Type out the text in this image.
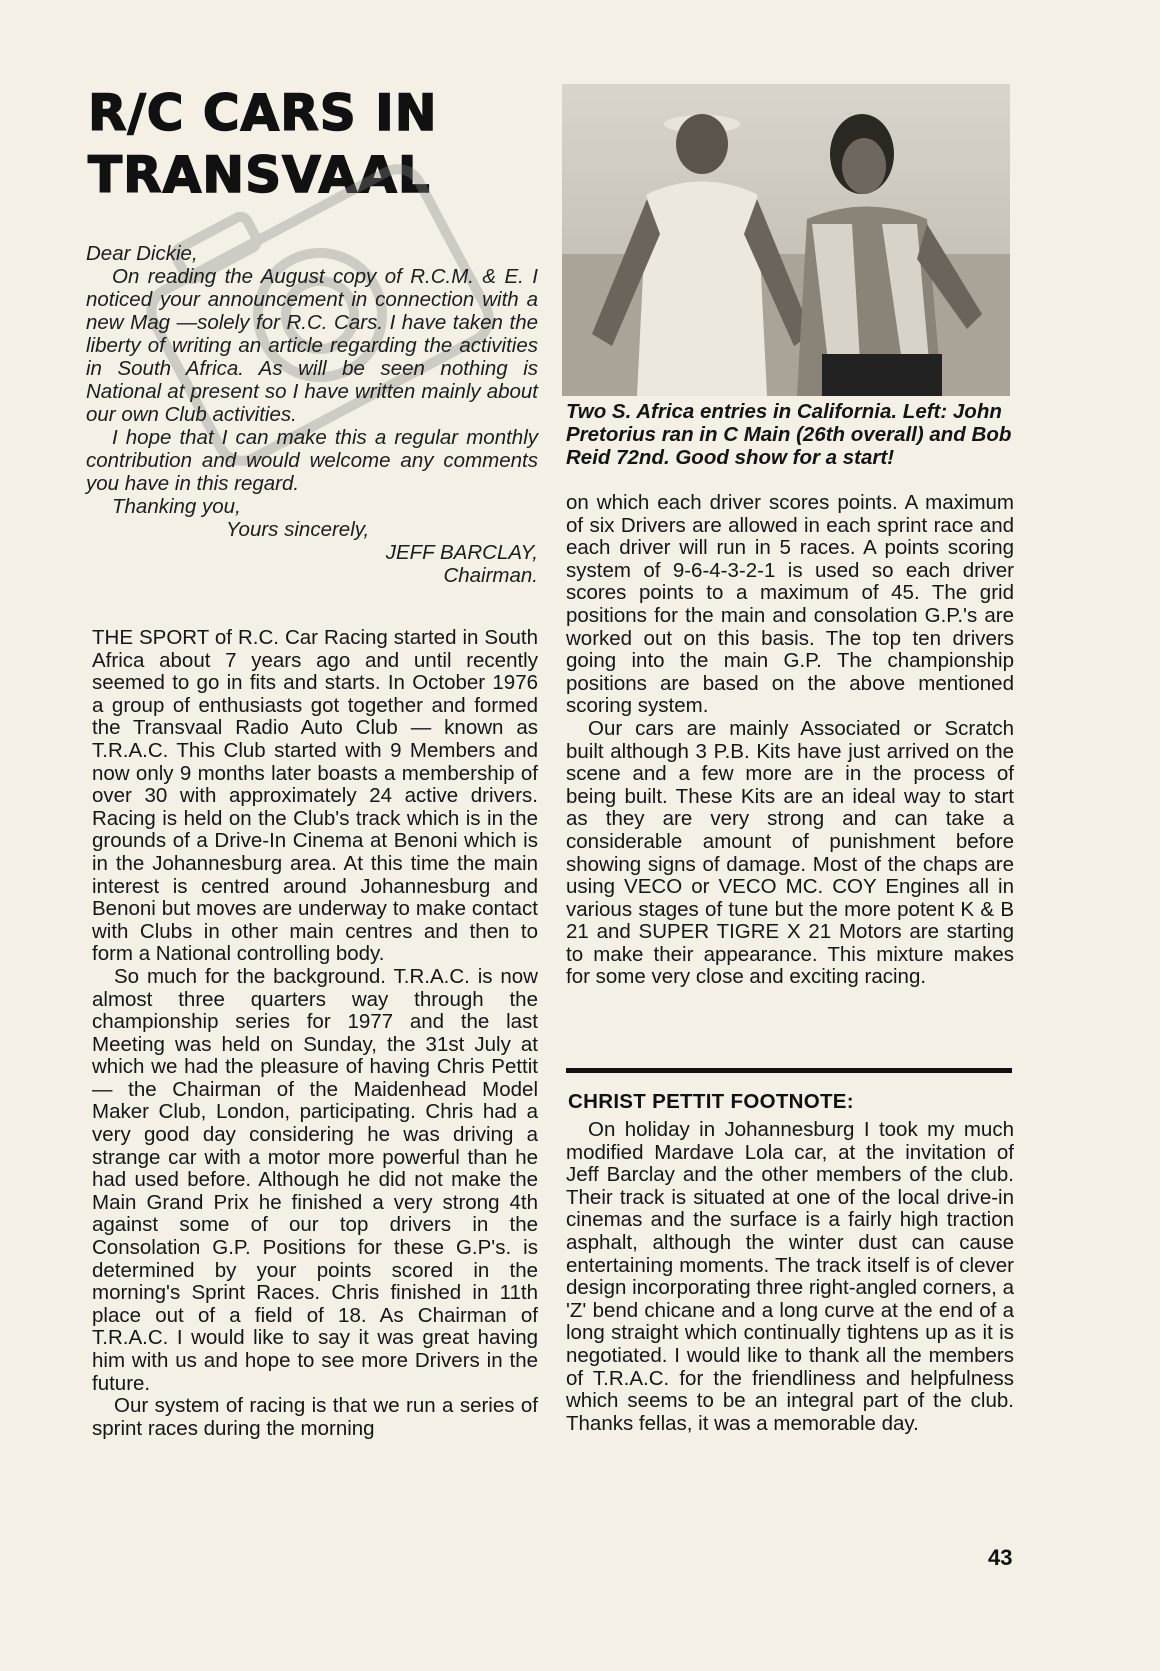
R/C CARS IN
TRANSVAAL

Dear Dickie,

On reading the August copy of R.C.M. & E. I noticed your announcement in connection with a new Mag —solely for R.C. Cars. I have taken the liberty of writing an article regarding the activities in South Africa. As will be seen nothing is National at present so I have written mainly about our own Club activities.

I hope that I can make this a regular monthly contribution and would welcome any comments you have in this regard.

Thanking you,

Yours sincerely,

JEFF BARCLAY,

Chairman.

THE SPORT of R.C. Car Racing started in South Africa about 7 years ago and until recently seemed to go in fits and starts. In October 1976 a group of enthusiasts got together and formed the Transvaal Radio Auto Club — known as T.R.A.C. This Club started with 9 Members and now only 9 months later boasts a membership of over 30 with approximately 24 active drivers. Racing is held on the Club's track which is in the grounds of a Drive-In Cinema at Benoni which is in the Johannesburg area. At this time the main interest is centred around Johannesburg and Benoni but moves are underway to make contact with Clubs in other main centres and then to form a National controlling body.

So much for the background. T.R.A.C. is now almost three quarters way through the championship series for 1977 and the last Meeting was held on Sunday, the 31st July at which we had the pleasure of having Chris Pettit — the Chairman of the Maidenhead Model Maker Club, London, participating. Chris had a very good day considering he was driving a strange car with a motor more powerful than he had used before. Although he did not make the Main Grand Prix he finished a very strong 4th against some of our top drivers in the Consolation G.P. Positions for these G.P's. is determined by your points scored in the morning's Sprint Races. Chris finished in 11th place out of a field of 18. As Chairman of T.R.A.C. I would like to say it was great having him with us and hope to see more Drivers in the future.

Our system of racing is that we run a series of sprint races during the morning

Two S. Africa entries in California. Left: John Pretorius ran in C Main (26th overall) and Bob Reid 72nd. Good show for a start!

on which each driver scores points. A maximum of six Drivers are allowed in each sprint race and each driver will run in 5 races. A points scoring system of 9-6-4-3-2-1 is used so each driver scores points to a maximum of 45. The grid positions for the main and consolation G.P.'s are worked out on this basis. The top ten drivers going into the main G.P. The championship positions are based on the above mentioned scoring system.

Our cars are mainly Associated or Scratch built although 3 P.B. Kits have just arrived on the scene and a few more are in the process of being built. These Kits are an ideal way to start as they are very strong and can take a considerable amount of punishment before showing signs of damage. Most of the chaps are using VECO or VECO MC. COY Engines all in various stages of tune but the more potent K & B 21 and SUPER TIGRE X 21 Motors are starting to make their appearance. This mixture makes for some very close and exciting racing.

CHRIST PETTIT FOOTNOTE:

On holiday in Johannesburg I took my much modified Mardave Lola car, at the invitation of Jeff Barclay and the other members of the club. Their track is situated at one of the local drive-in cinemas and the surface is a fairly high traction asphalt, although the winter dust can cause entertaining moments. The track itself is of clever design incorporating three right-angled corners, a 'Z' bend chicane and a long curve at the end of a long straight which continually tightens up as it is negotiated. I would like to thank all the members of T.R.A.C. for the friendliness and helpfulness which seems to be an integral part of the club. Thanks fellas, it was a memorable day.

43
